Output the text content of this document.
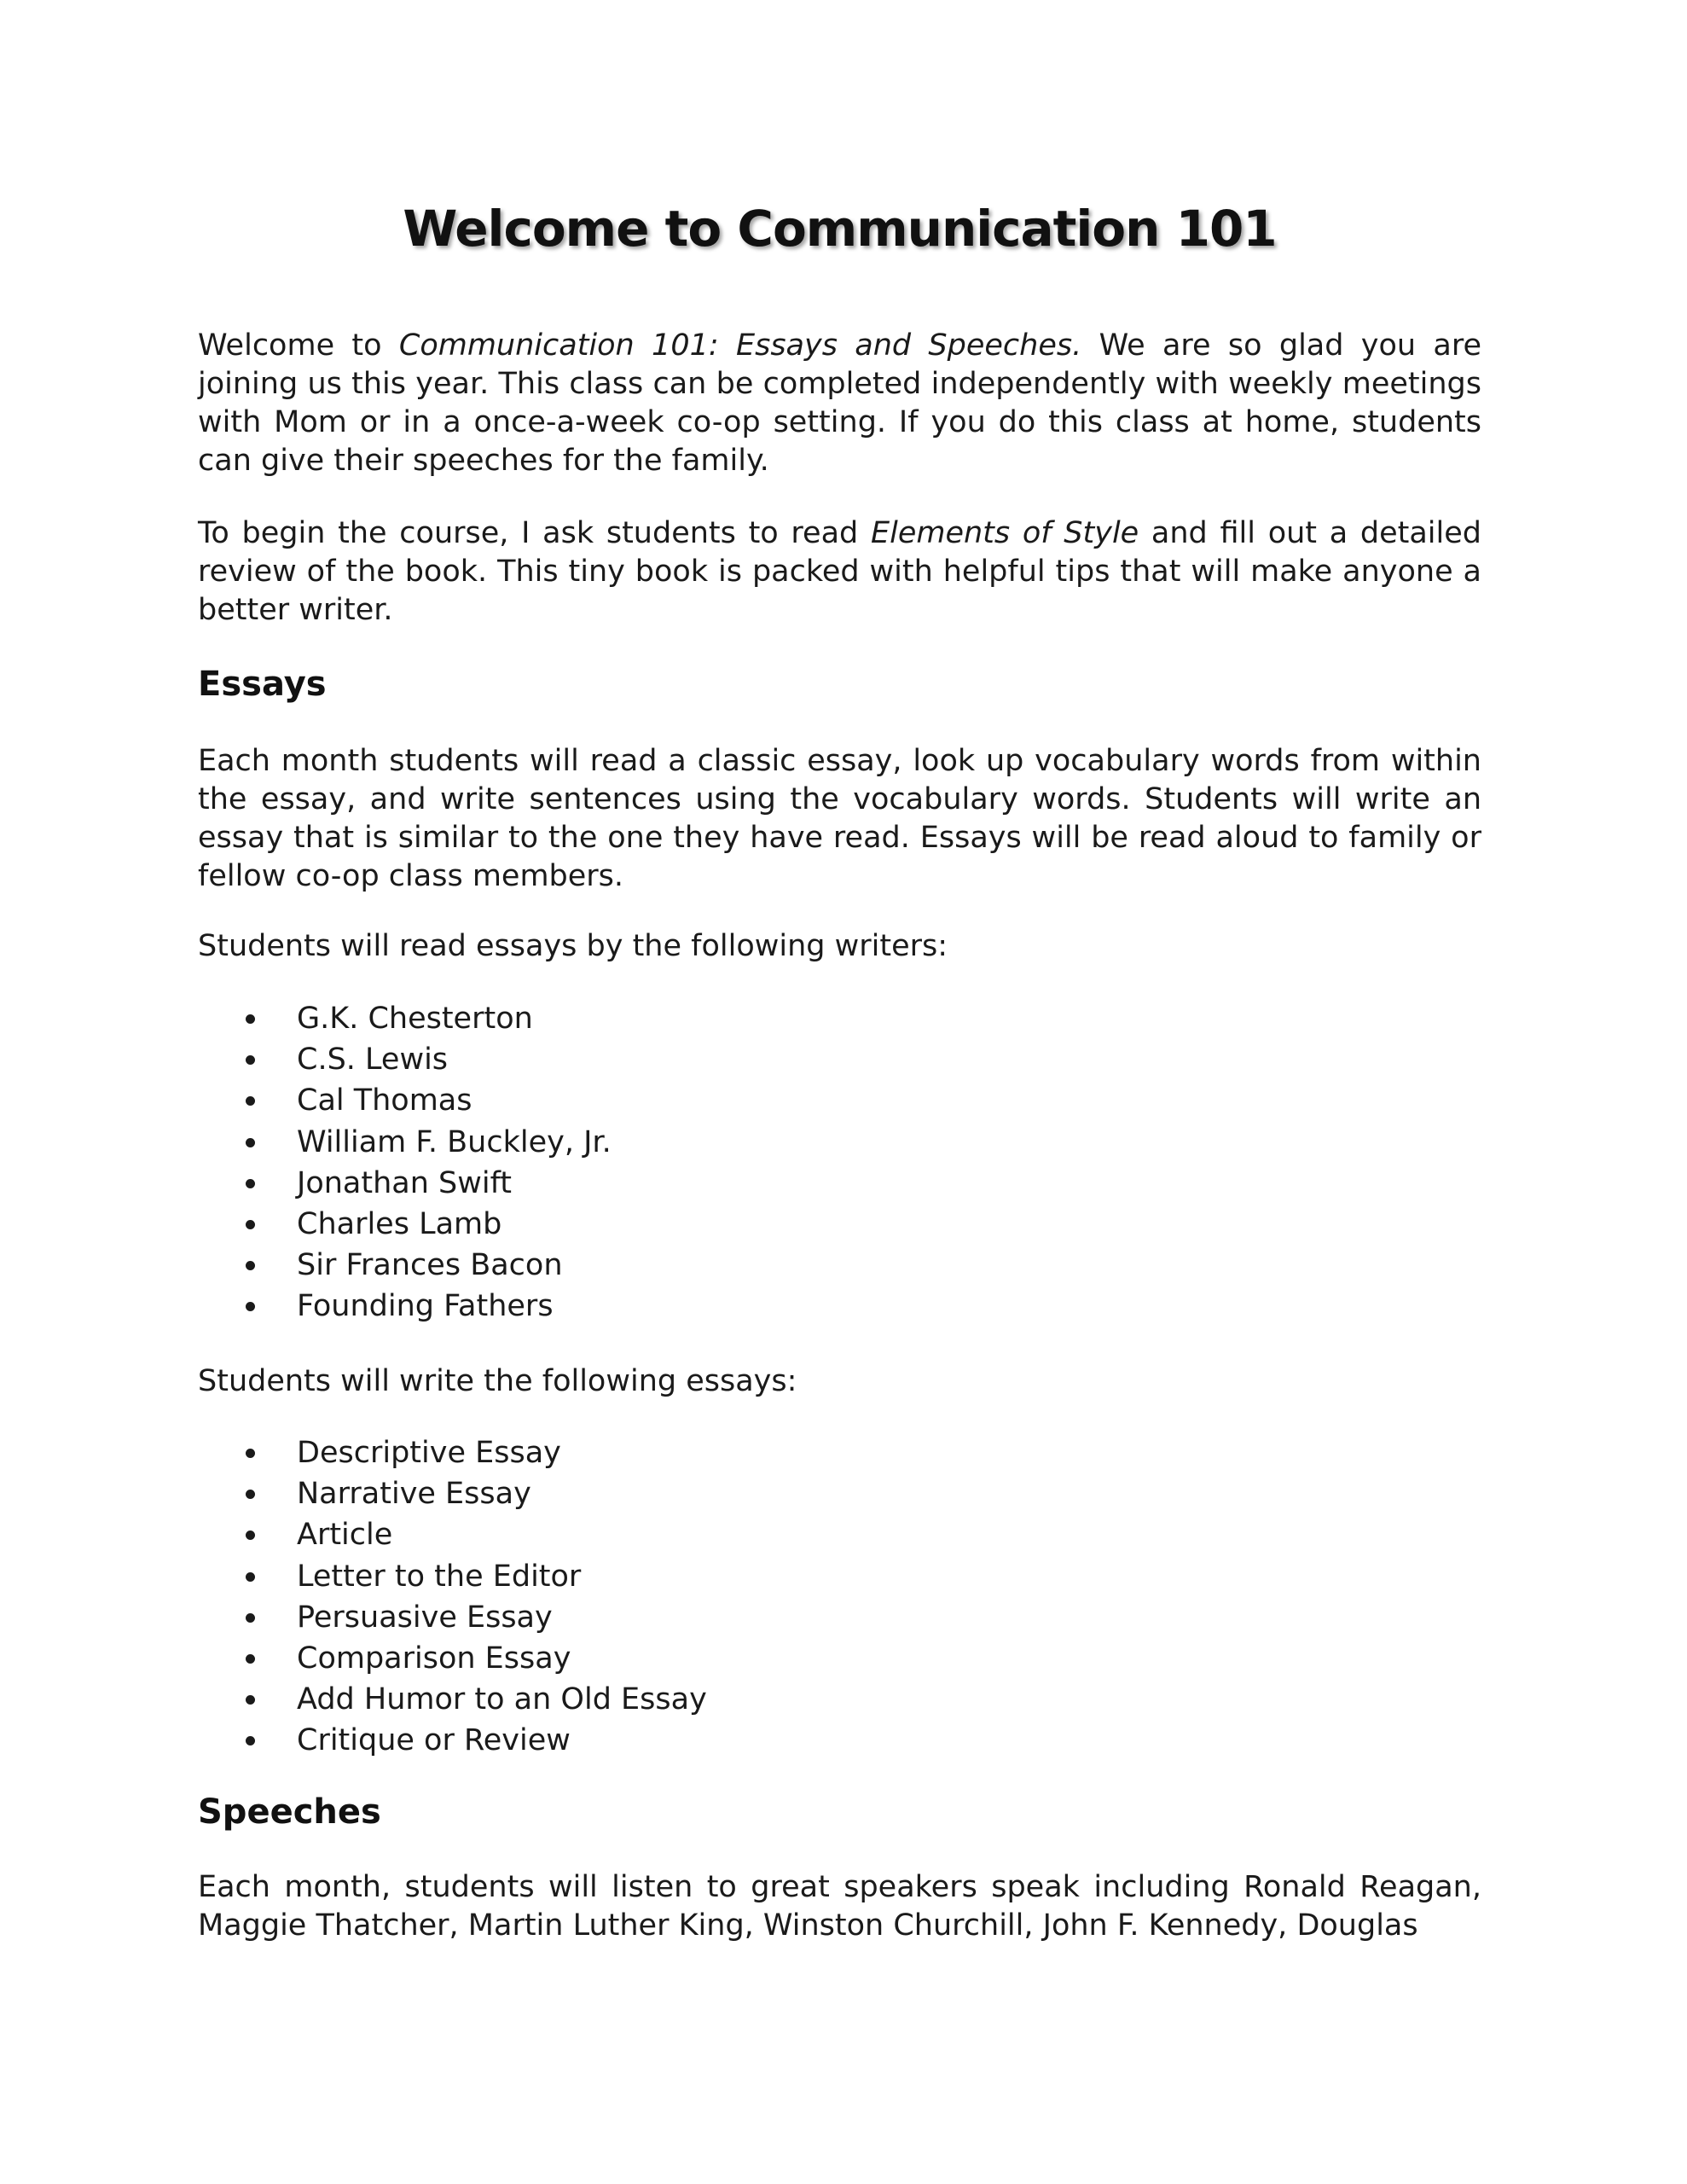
Welcome to Communication 101

Welcome to Communication 101: Essays and Speeches. We are so glad you are joining us this year. This class can be completed independently with weekly meetings with Mom or in a once-a-week co-op setting. If you do this class at home, students can give their speeches for the family.

To begin the course, I ask students to read Elements of Style and fill out a detailed review of the book. This tiny book is packed with helpful tips that will make anyone a better writer.

Essays

Each month students will read a classic essay, look up vocabulary words from within the essay, and write sentences using the vocabulary words. Students will write an essay that is similar to the one they have read. Essays will be read aloud to family or fellow co-op class members.

Students will read essays by the following writers:

G.K. Chesterton
C.S. Lewis
Cal Thomas
William F. Buckley, Jr.
Jonathan Swift
Charles Lamb
Sir Frances Bacon
Founding Fathers

Students will write the following essays:

Descriptive Essay
Narrative Essay
Article
Letter to the Editor
Persuasive Essay
Comparison Essay
Add Humor to an Old Essay
Critique or Review
Speeches

Each month, students will listen to great speakers speak including Ronald Reagan, Maggie Thatcher, Martin Luther King, Winston Churchill, John F. Kennedy, Douglas
